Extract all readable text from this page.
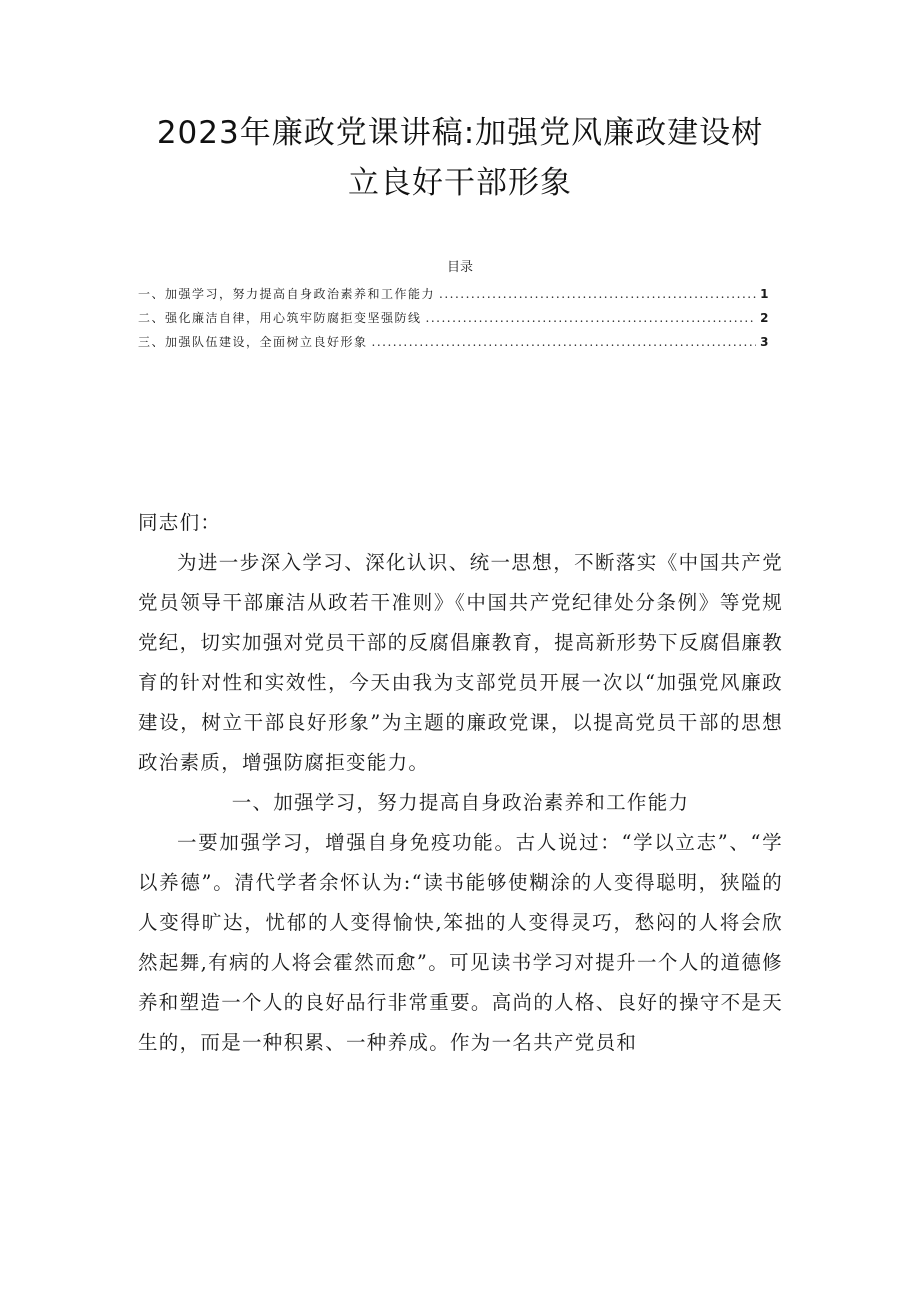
2023年廉政党课讲稿:加强党风廉政建设树
立良好干部形象
目录
一、加强学习，努力提高自身政治素养和工作能力 .....	1
二、强化廉洁自律，用心筑牢防腐拒变坚强防线 .....	2
三、加强队伍建设，全面树立良好形象 .....	3

同志们：

为进一步深入学习、深化认识、统一思想，不断落实《中国共产党党员领导干部廉洁从政若干准则》《中国共产党纪律处分条例》等党规党纪，切实加强对党员干部的反腐倡廉教育，提高新形势下反腐倡廉教育的针对性和实效性，今天由我为支部党员开展一次以“加强党风廉政建设，树立干部良好形象”为主题的廉政党课，以提高党员干部的思想政治素质，增强防腐拒变能力。

一、加强学习，努力提高自身政治素养和工作能力

一要加强学习，增强自身免疫功能。古人说过：“学以立志”、“学以养德”。清代学者余怀认为:“读书能够使糊涂的人变得聪明，狭隘的人变得旷达，忧郁的人变得愉快,笨拙的人变得灵巧，愁闷的人将会欣然起舞,有病的人将会霍然而愈”。可见读书学习对提升一个人的道德修养和塑造一个人的良好品行非常重要。高尚的人格、良好的操守不是天生的，而是一种积累、一种养成。作为一名共产党员和
